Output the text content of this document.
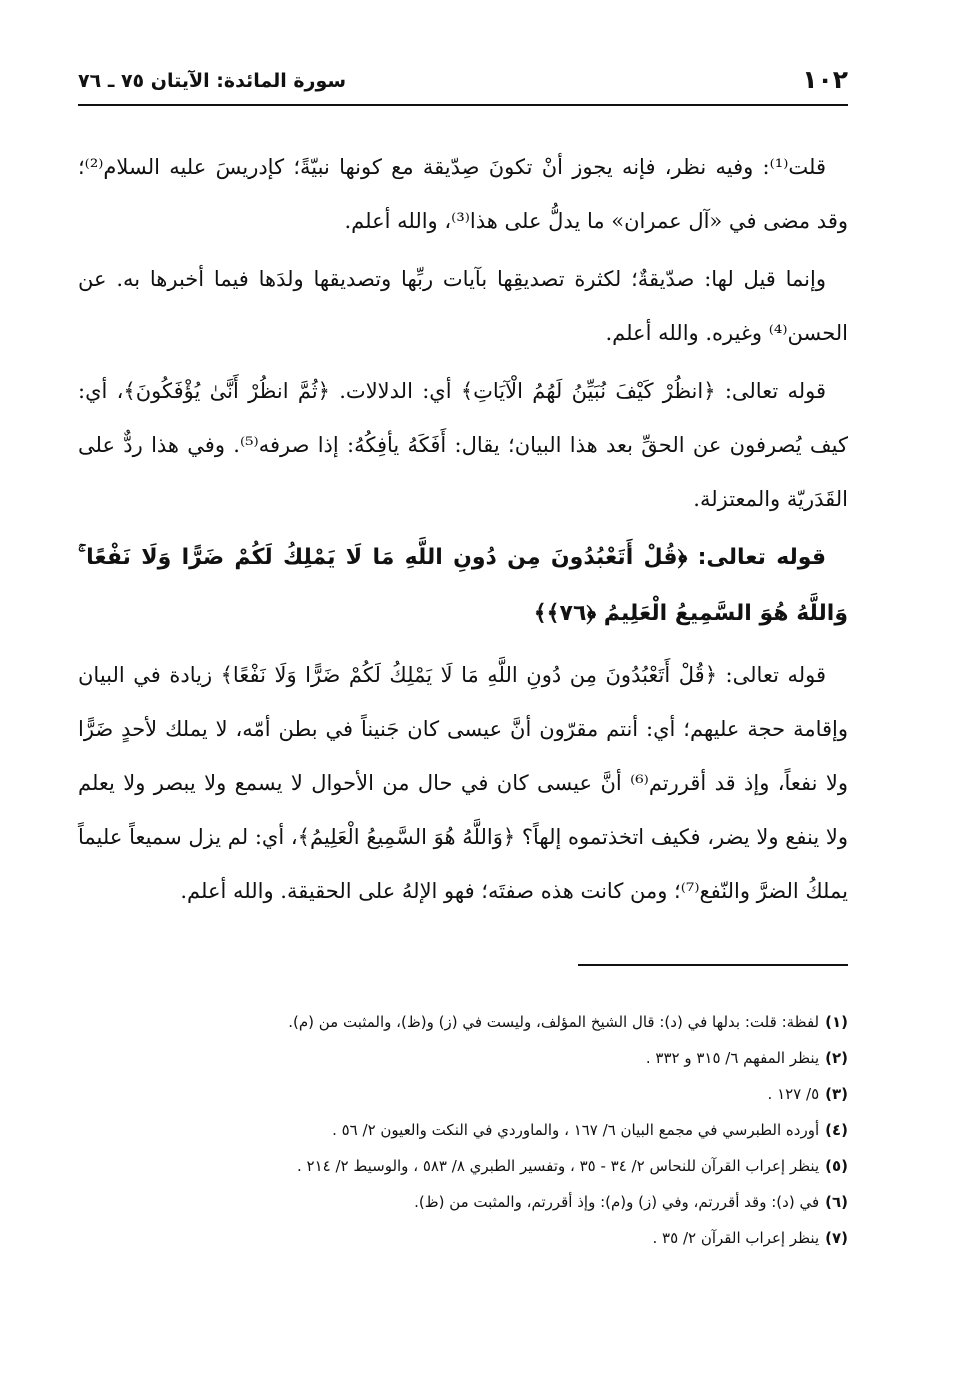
١٠٢
سورة المائدة: الآيتان ٧٥ ـ ٧٦

قلت⁽¹⁾: وفيه نظر، فإنه يجوز أنْ تكونَ صِدّيقة مع كونها نبيّةً؛ كإدريسَ عليه السلام⁽²⁾؛ وقد مضى في «آل عمران» ما يدلُّ على هذا⁽³⁾، والله أعلم.

وإنما قيل لها: صدّيقةٌ؛ لكثرة تصديقِها بآيات ربِّها وتصديقها ولدَها فيما أخبرها به. عن الحسن⁽⁴⁾ وغيره. والله أعلم.

قوله تعالى: ﴿انظُرْ كَيْفَ نُبَيِّنُ لَهُمُ الْآيَاتِ﴾ أي: الدلالات. ﴿ثُمَّ انظُرْ أَنَّىٰ يُؤْفَكُونَ﴾، أي: كيف يُصرفون عن الحقِّ بعد هذا البيان؛ يقال: أَفَكَهُ يأفِكُهُ: إذا صرفه⁽⁵⁾. وفي هذا ردٌّ على القَدَريّة والمعتزلة.

قوله تعالى: ﴿قُلْ أَتَعْبُدُونَ مِن دُونِ اللَّهِ مَا لَا يَمْلِكُ لَكُمْ ضَرًّا وَلَا نَفْعًا ۚ وَاللَّهُ هُوَ السَّمِيعُ الْعَلِيمُ ﴿٧٦﴾﴾

قوله تعالى: ﴿قُلْ أَتَعْبُدُونَ مِن دُونِ اللَّهِ مَا لَا يَمْلِكُ لَكُمْ ضَرًّا وَلَا نَفْعًا﴾ زيادة في البيان وإقامة حجة عليهم؛ أي: أنتم مقرّون أنَّ عيسى كان جَنيناً في بطن أمّه، لا يملك لأحدٍ ضَرًّا ولا نفعاً، وإذ قد أقررتم⁽⁶⁾ أنَّ عيسى كان في حال من الأحوال لا يسمع ولا يبصر ولا يعلم ولا ينفع ولا يضر، فكيف اتخذتموه إلهاً؟ ﴿وَاللَّهُ هُوَ السَّمِيعُ الْعَلِيمُ﴾، أي: لم يزل سميعاً عليماً يملكُ الضرَّ والنّفع⁽⁷⁾؛ ومن كانت هذه صفتَه؛ فهو الإلهُ على الحقيقة. والله أعلم.

(١)لفظة: قلت: بدلها في (د): قال الشيخ المؤلف، وليست في (ز) و(ظ)، والمثبت من (م).
(٢)ينظر المفهم ٦/ ٣١٥ و ٣٣٢ .
(٣)٥/ ١٢٧ .
(٤)أورده الطبرسي في مجمع البيان ٦/ ١٦٧ ، والماوردي في النكت والعيون ٢/ ٥٦ .
(٥)ينظر إعراب القرآن للنحاس ٢/ ٣٤ - ٣٥ ، وتفسير الطبري ٨/ ٥٨٣ ، والوسيط ٢/ ٢١٤ .
(٦)في (د): وقد أقررتم، وفي (ز) و(م): وإذ أقررتم، والمثبت من (ظ).
(٧)ينظر إعراب القرآن ٢/ ٣٥ .
